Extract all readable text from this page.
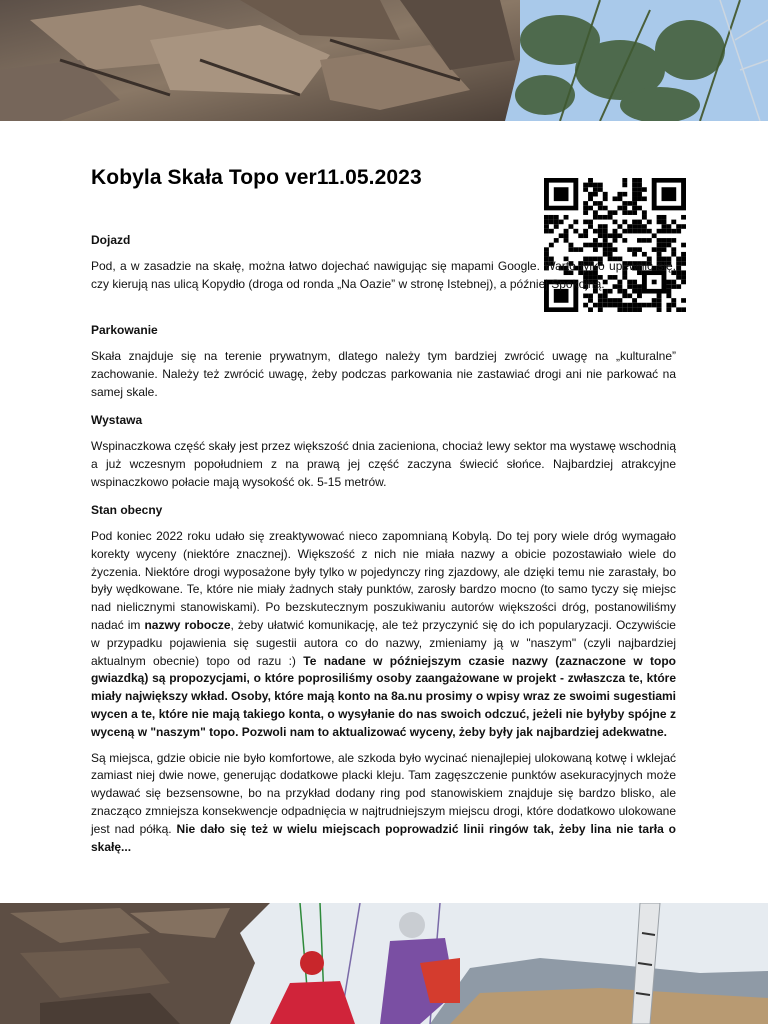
Kobyla Skała Topo ver11.05.2023

Dojazd

Pod, a w zasadzie na skałę, można łatwo dojechać nawigując się mapami Google. Warto tylko upewnić się, czy kierują nas ulicą Kopydło (droga od ronda „Na Oazie” w stronę Istebnej), a później Spokojną.

Parkowanie

Skała znajduje się na terenie prywatnym, dlatego należy tym bardziej zwrócić uwagę na „kulturalne” zachowanie. Należy też zwrócić uwagę, żeby podczas parkowania nie zastawiać drogi ani nie parkować na samej skale.

Wystawa

Wspinaczkowa część skały jest przez większość dnia zacieniona, chociaż lewy sektor ma wystawę wschodnią a już wczesnym popołudniem z na prawą jej część zaczyna świecić słońce. Najbardziej atrakcyjne wspinaczkowo połacie mają wysokość ok. 5-15 metrów.

Stan obecny

Pod koniec 2022 roku udało się zreaktywować nieco zapomnianą Kobylą. Do tej pory wiele dróg wymagało korekty wyceny (niektóre znacznej). Większość z nich nie miała nazwy a obicie pozostawiało wiele do życzenia. Niektóre drogi wyposażone były tylko w pojedynczy ring zjazdowy, ale dzięki temu nie zarastały, bo były wędkowane. Te, które nie miały żadnych stały punktów, zarosły bardzo mocno (to samo tyczy się miejsc nad nielicznymi stanowiskami). Po bezskutecznym poszukiwaniu autorów większości dróg, postanowiliśmy nadać im nazwy robocze, żeby ułatwić komunikację, ale też przyczynić się do ich popularyzacji. Oczywiście w przypadku pojawienia się sugestii autora co do nazwy, zmieniamy ją w "naszym" (czyli najbardziej aktualnym obecnie) topo od razu :) Te nadane w późniejszym czasie nazwy (zaznaczone w topo gwiazdką) są propozycjami, o które poprosiliśmy osoby zaangażowane w projekt - zwłaszcza te, które miały największy wkład. Osoby, które mają konto na 8a.nu prosimy o wpisy wraz ze swoimi sugestiami wycen a te, które nie mają takiego konta, o wysyłanie do nas swoich odczuć, jeżeli nie byłyby spójne z wyceną w "naszym" topo. Pozwoli nam to aktualizować wyceny, żeby były jak najbardziej adekwatne.

Są miejsca, gdzie obicie nie było komfortowe, ale szkoda było wycinać nienajlepiej ulokowaną kotwę i wklejać zamiast niej dwie nowe, generując dodatkowe placki kleju. Tam zagęszczenie punktów asekuracyjnych może wydawać się bezsensowne, bo na przykład dodany ring pod stanowiskiem znajduje się bardzo blisko, ale znacząco zmniejsza konsekwencje odpadnięcia w najtrudniejszym miejscu drogi, które dodatkowo ulokowane jest nad półką. Nie dało się też w wielu miejscach poprowadzić linii ringów tak, żeby lina nie tarła o skałę...
